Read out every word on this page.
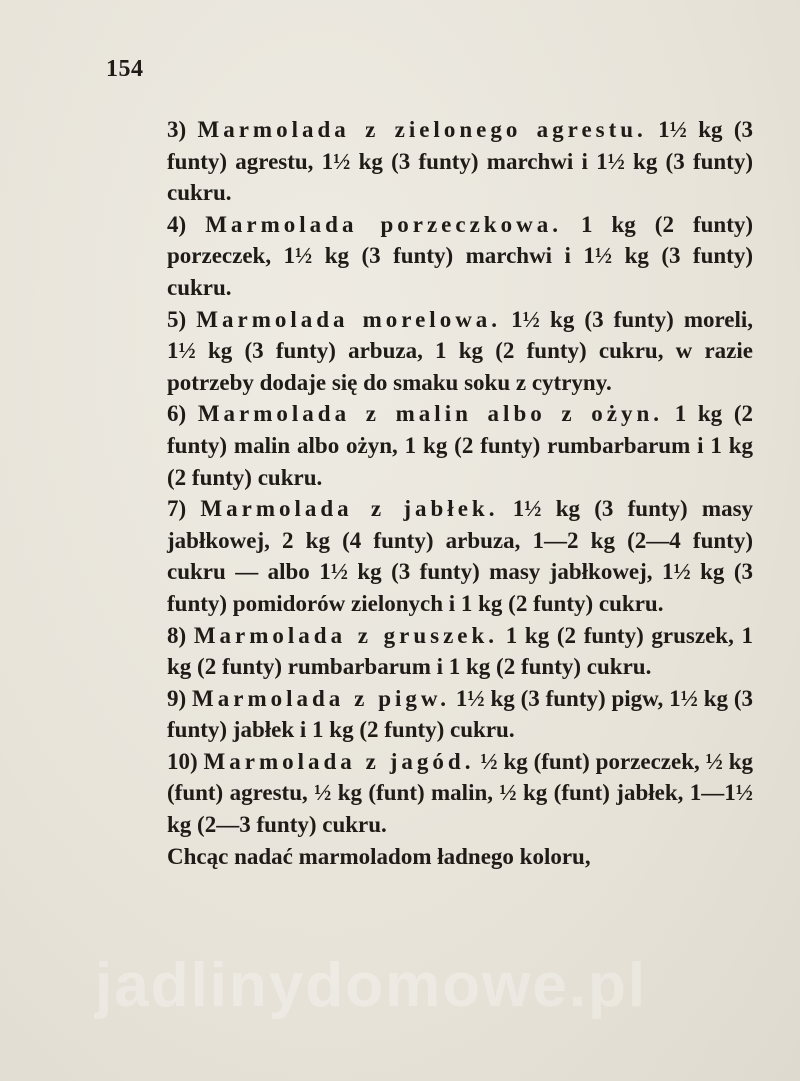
154

3) Marmolada z zielonego agrestu. 1½ kg (3 funty) agrestu, 1½ kg (3 funty) marchwi i 1½ kg (3 funty) cukru.

4) Marmolada porzeczkowa. 1 kg (2 funty) porzeczek, 1½ kg (3 funty) marchwi i 1½ kg (3 funty) cukru.

5) Marmolada morelowa. 1½ kg (3 funty) moreli, 1½ kg (3 funty) arbuza, 1 kg (2 funty) cukru, w razie potrzeby dodaje się do smaku soku z cytryny.

6) Marmolada z malin albo z ożyn. 1 kg (2 funty) malin albo ożyn, 1 kg (2 funty) rumbarbarum i 1 kg (2 funty) cukru.

7) Marmolada z jabłek. 1½ kg (3 funty) masy jabłkowej, 2 kg (4 funty) arbuza, 1—2 kg (2—4 funty) cukru — albo 1½ kg (3 funty) masy jabłkowej, 1½ kg (3 funty) pomidorów zielonych i 1 kg (2 funty) cukru.

8) Marmolada z gruszek. 1 kg (2 funty) gruszek, 1 kg (2 funty) rumbarbarum i 1 kg (2 funty) cukru.

9) Marmolada z pigw. 1½ kg (3 funty) pigw, 1½ kg (3 funty) jabłek i 1 kg (2 funty) cukru.

10) Marmolada z jagód. ½ kg (funt) porzeczek, ½ kg (funt) agrestu, ½ kg (funt) malin, ½ kg (funt) jabłek, 1—1½ kg (2—3 funty) cukru.

Chcąc nadać marmoladom ładnego koloru,

jadlinydomowe.pl
